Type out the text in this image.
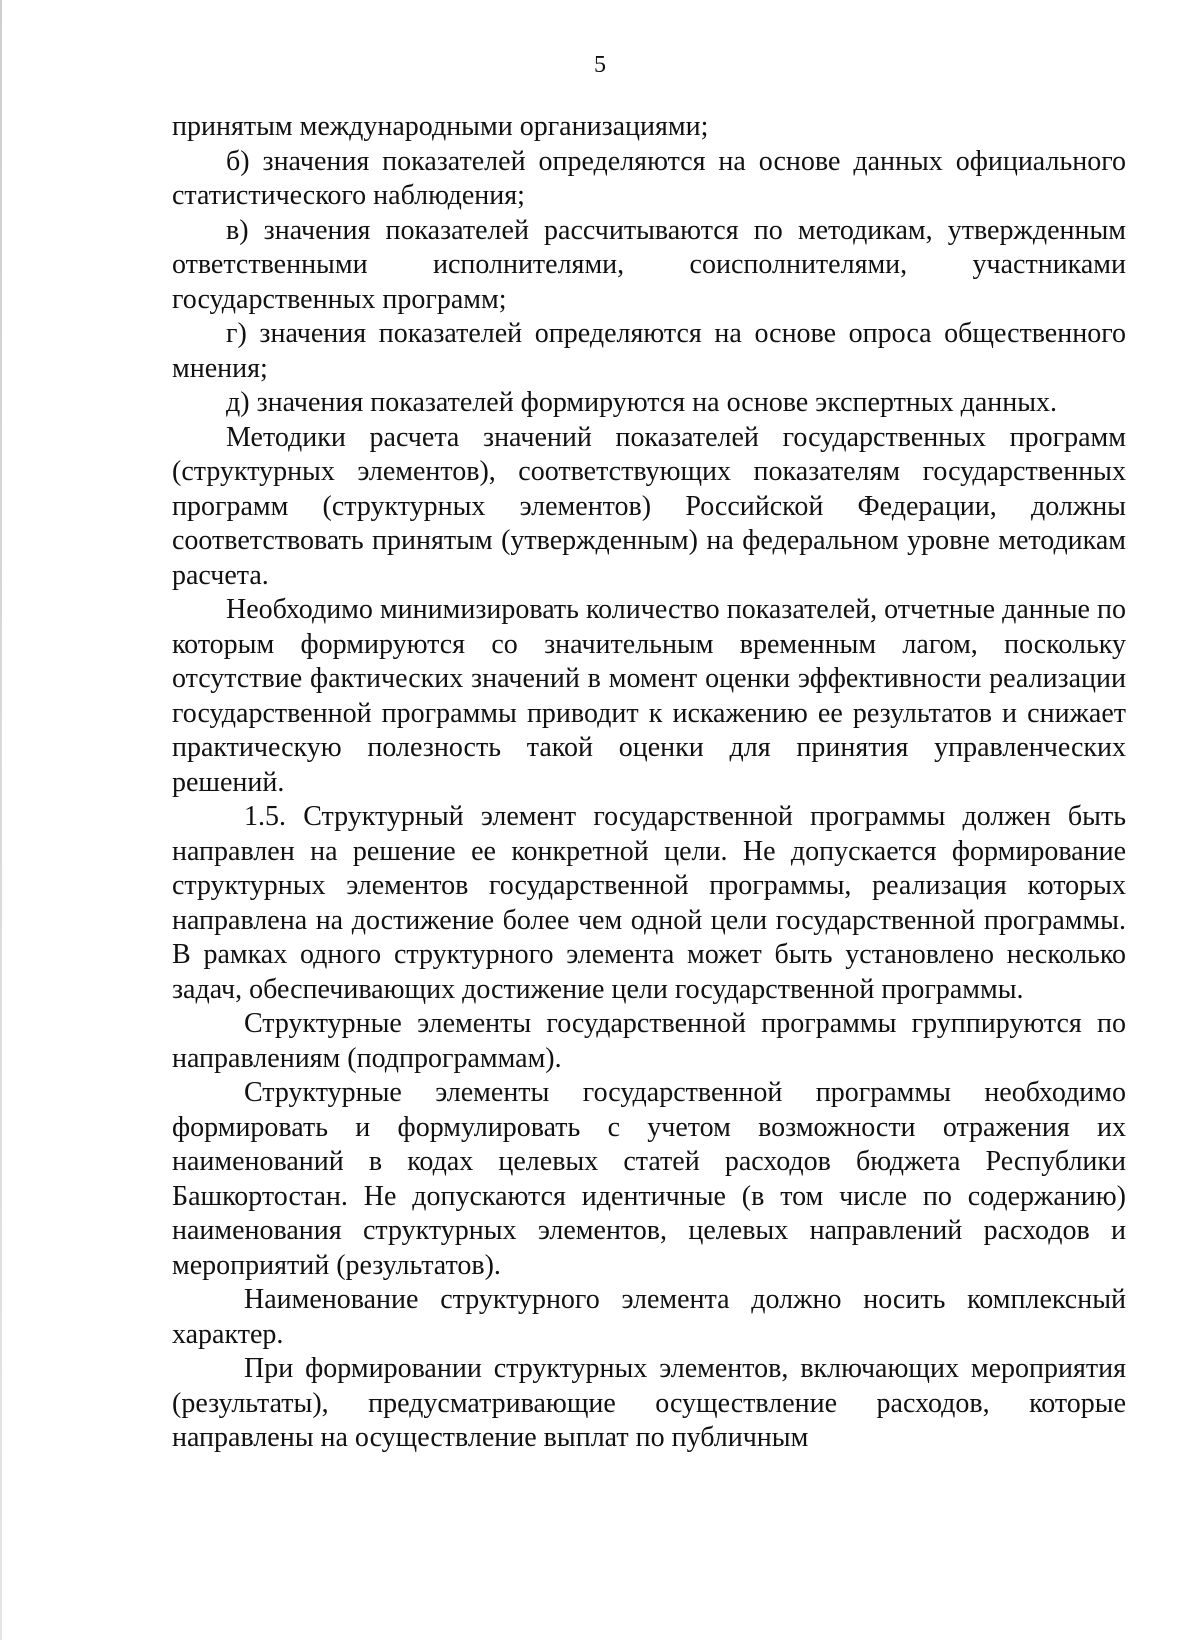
5

принятым международными организациями;

б) значения показателей определяются на основе данных официального статистического наблюдения;

в) значения показателей рассчитываются по методикам, утвержденным ответственными исполнителями, соисполнителями, участниками государственных программ;

г) значения показателей определяются на основе опроса общественного мнения;

д) значения показателей формируются на основе экспертных данных.

Методики расчета значений показателей государственных программ (структурных элементов), соответствующих показателям государственных программ (структурных элементов) Российской Федерации, должны соответствовать принятым (утвержденным) на федеральном уровне методикам расчета.

Необходимо минимизировать количество показателей, отчетные данные по которым формируются со значительным временным лагом, поскольку отсутствие фактических значений в момент оценки эффективности реализации государственной программы приводит к искажению ее результатов и снижает практическую полезность такой оценки для принятия управленческих решений.

1.5. Структурный элемент государственной программы должен быть направлен на решение ее конкретной цели. Не допускается формирование структурных элементов государственной программы, реализация которых направлена на достижение более чем одной цели государственной программы. В рамках одного структурного элемента может быть установлено несколько задач, обеспечивающих достижение цели государственной программы.

Структурные элементы государственной программы группируются по направлениям (подпрограммам).

Структурные элементы государственной программы необходимо формировать и формулировать с учетом возможности отражения их наименований в кодах целевых статей расходов бюджета Республики Башкортостан. Не допускаются идентичные (в том числе по содержанию) наименования структурных элементов, целевых направлений расходов и мероприятий (результатов).

Наименование структурного элемента должно носить комплексный характер.

При формировании структурных элементов, включающих мероприятия (результаты), предусматривающие осуществление расходов, которые направлены на осуществление выплат по публичным
